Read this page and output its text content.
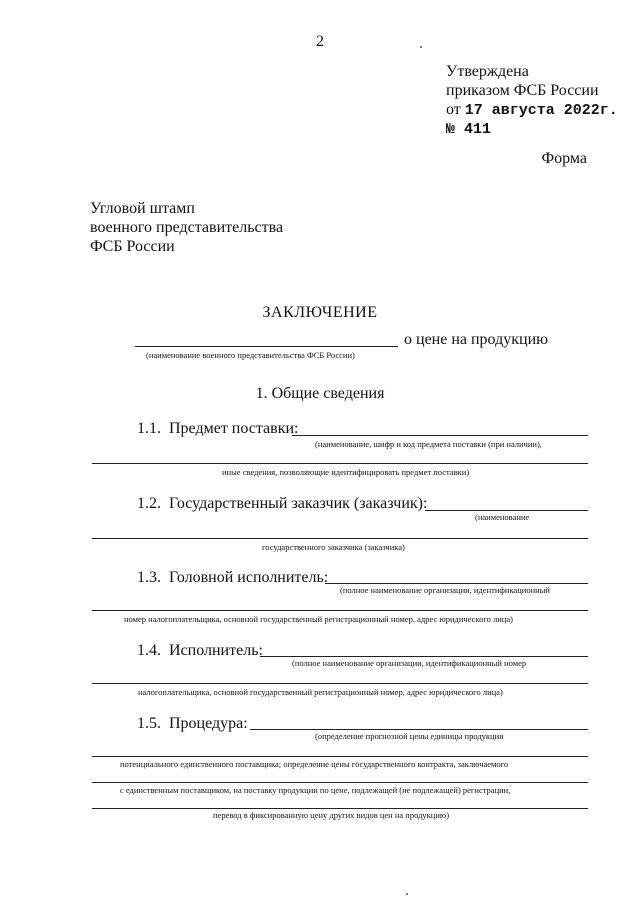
2
Утверждена
приказом ФСБ России
от 17 августа 2022г.
№ 411
Форма
Угловой штамп
военного представительства
ФСБ России
ЗАКЛЮЧЕНИЕ
о цене на продукцию
(наименование военного представительства ФСБ России)
1. Общие сведения
1.1. Предмет поставки:
(наименование, шифр и код предмета поставки (при наличии),
иные сведения, позволяющие идентифицировать предмет поставки)
1.2. Государственный заказчик (заказчик):
(наименование
государственного заказчика (заказчика)
1.3. Головной исполнитель:
(полное наименование организации, идентификационный
номер налогоплательщика, основной государственный регистрационный номер, адрес юридического лица)
1.4. Исполнитель:
(полное наименование организации, идентификационный номер
налогоплательщика, основной государственный регистрационный номер, адрес юридического лица)
1.5. Процедура:
(определение прогнозной цены единицы продукции
потенциального единственного поставщика; определение цены государственного контракта, заключаемого
с единственным поставщиком, на поставку продукции по цене, подлежащей (не подлежащей) регистрации,
перевод в фиксированную цену других видов цен на продукцию)
